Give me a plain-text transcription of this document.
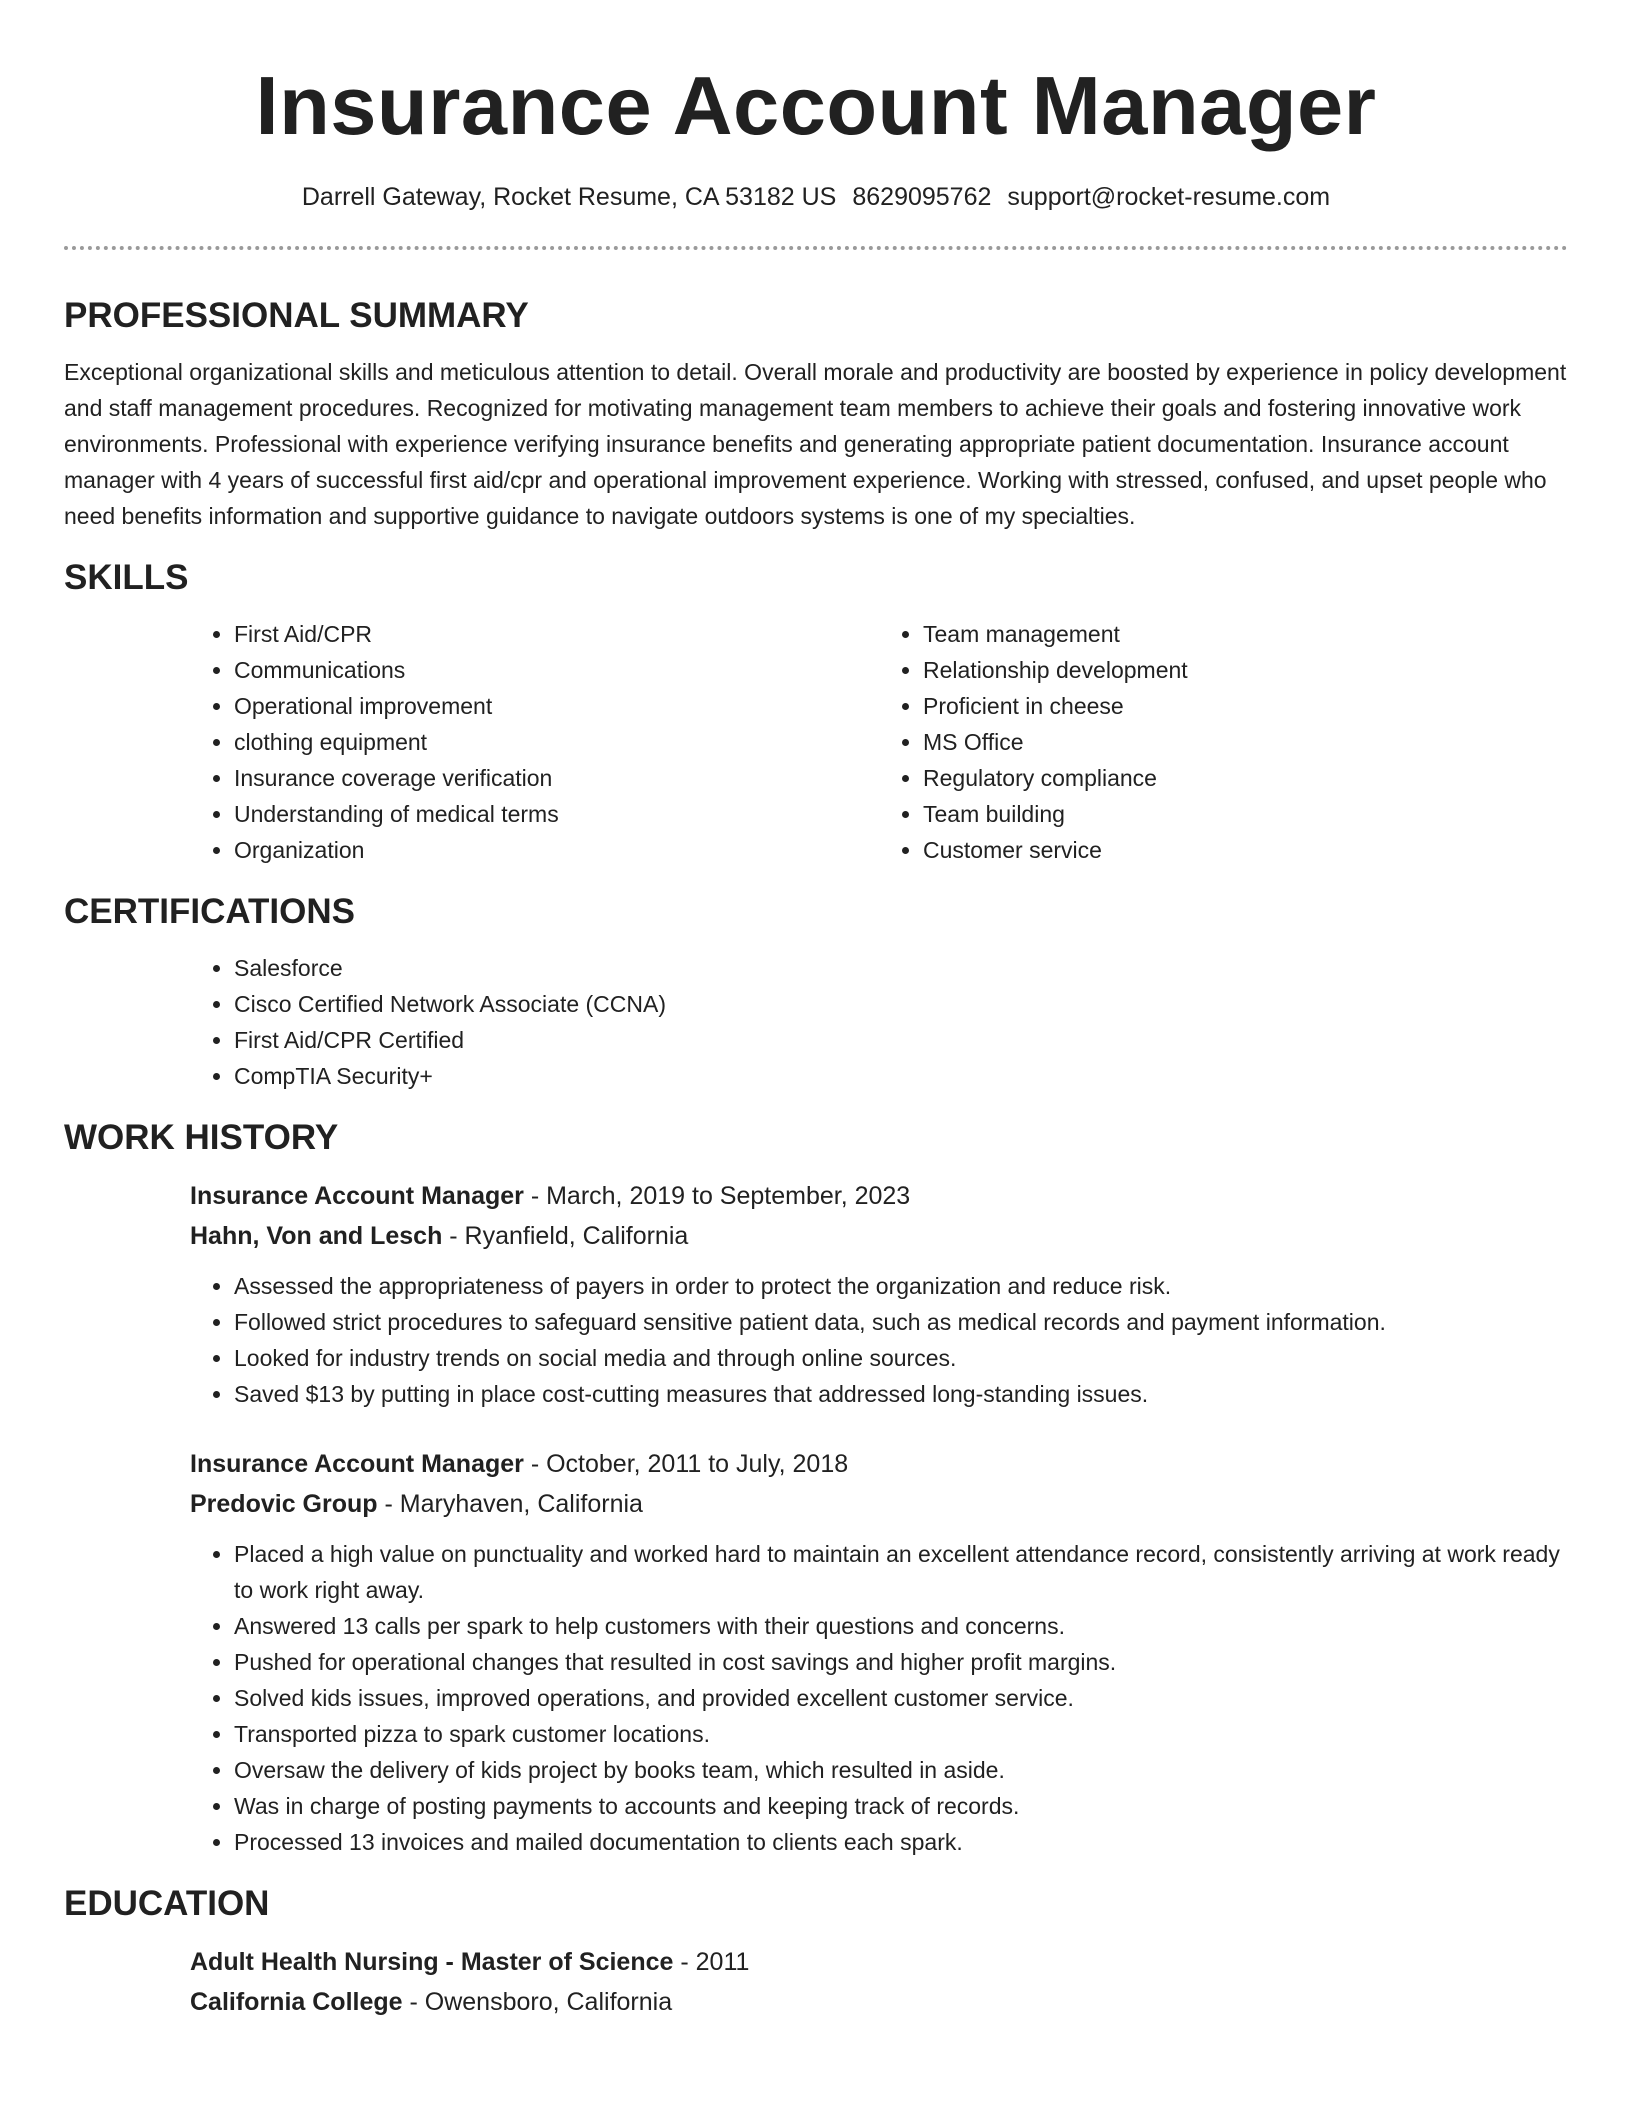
Insurance Account Manager
Darrell Gateway, Rocket Resume, CA 53182 US 8629095762 support@rocket-resume.com
PROFESSIONAL SUMMARY

Exceptional organizational skills and meticulous attention to detail. Overall morale and productivity are boosted by experience in policy development and staff management procedures. Recognized for motivating management team members to achieve their goals and fostering innovative work environments. Professional with experience verifying insurance benefits and generating appropriate patient documentation. Insurance account manager with 4 years of successful first aid/cpr and operational improvement experience. Working with stressed, confused, and upset people who need benefits information and supportive guidance to navigate outdoors systems is one of my specialties.

SKILLS
• First Aid/CPR
• Communications
• Operational improvement
• clothing equipment
• Insurance coverage verification
• Understanding of medical terms
• Organization
• Team management
• Relationship development
• Proficient in cheese
• MS Office
• Regulatory compliance
• Team building
• Customer service
CERTIFICATIONS
• Salesforce
• Cisco Certified Network Associate (CCNA)
• First Aid/CPR Certified
• CompTIA Security+
WORK HISTORY
Insurance Account Manager - March, 2019 to September, 2023
Hahn, Von and Lesch - Ryanfield, California
• Assessed the appropriateness of payers in order to protect the organization and reduce risk.
• Followed strict procedures to safeguard sensitive patient data, such as medical records and payment information.
• Looked for industry trends on social media and through online sources.
• Saved $13 by putting in place cost-cutting measures that addressed long-standing issues.
Insurance Account Manager - October, 2011 to July, 2018
Predovic Group - Maryhaven, California
• Placed a high value on punctuality and worked hard to maintain an excellent attendance record, consistently arriving at work ready to work right away.
• Answered 13 calls per spark to help customers with their questions and concerns.
• Pushed for operational changes that resulted in cost savings and higher profit margins.
• Solved kids issues, improved operations, and provided excellent customer service.
• Transported pizza to spark customer locations.
• Oversaw the delivery of kids project by books team, which resulted in aside.
• Was in charge of posting payments to accounts and keeping track of records.
• Processed 13 invoices and mailed documentation to clients each spark.
EDUCATION
Adult Health Nursing - Master of Science - 2011
California College - Owensboro, California
